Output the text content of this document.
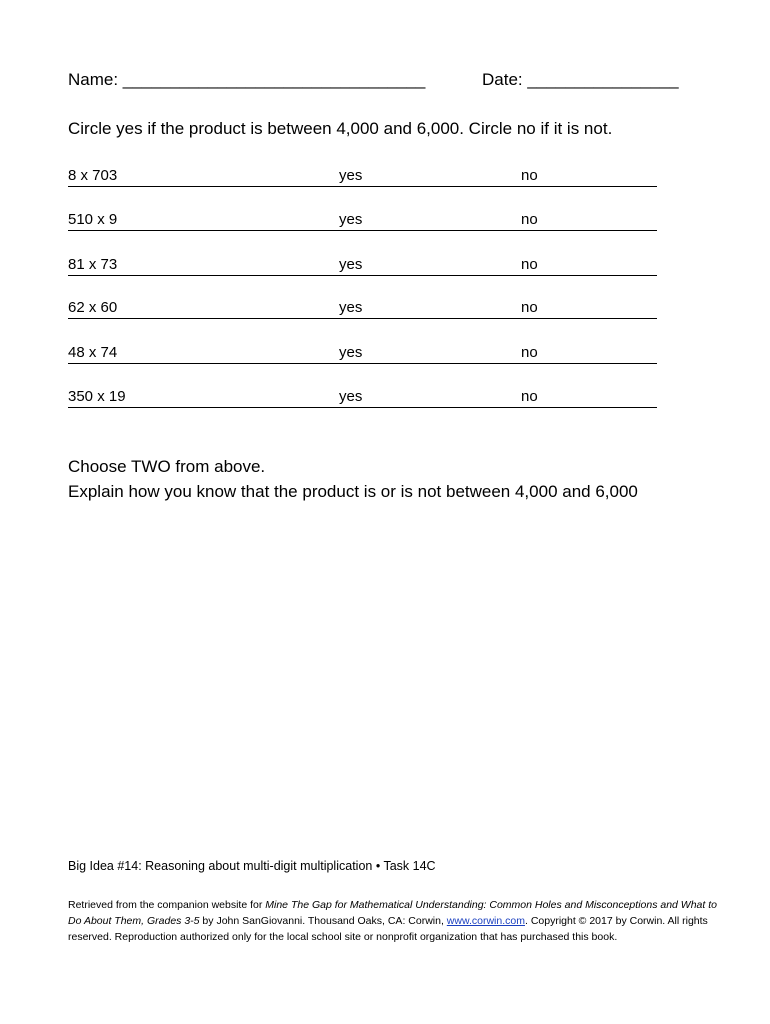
Name: ________________________________	Date: ________________
Circle yes if the product is between 4,000 and 6,000. Circle no if it is not.
8 x 703	yes	no
510 x 9	yes	no
81 x 73	yes	no
62 x 60	yes	no
48 x 74	yes	no
350 x 19	yes	no
Choose TWO from above.
Explain how you know that the product is or is not between 4,000 and 6,000
Big Idea #14: Reasoning about multi-digit multiplication • Task 14C
Retrieved from the companion website for Mine The Gap for Mathematical Understanding: Common Holes and Misconceptions and What to Do About Them, Grades 3-5 by John SanGiovanni. Thousand Oaks, CA: Corwin, www.corwin.com. Copyright © 2017 by Corwin. All rights reserved. Reproduction authorized only for the local school site or nonprofit organization that has purchased this book.
